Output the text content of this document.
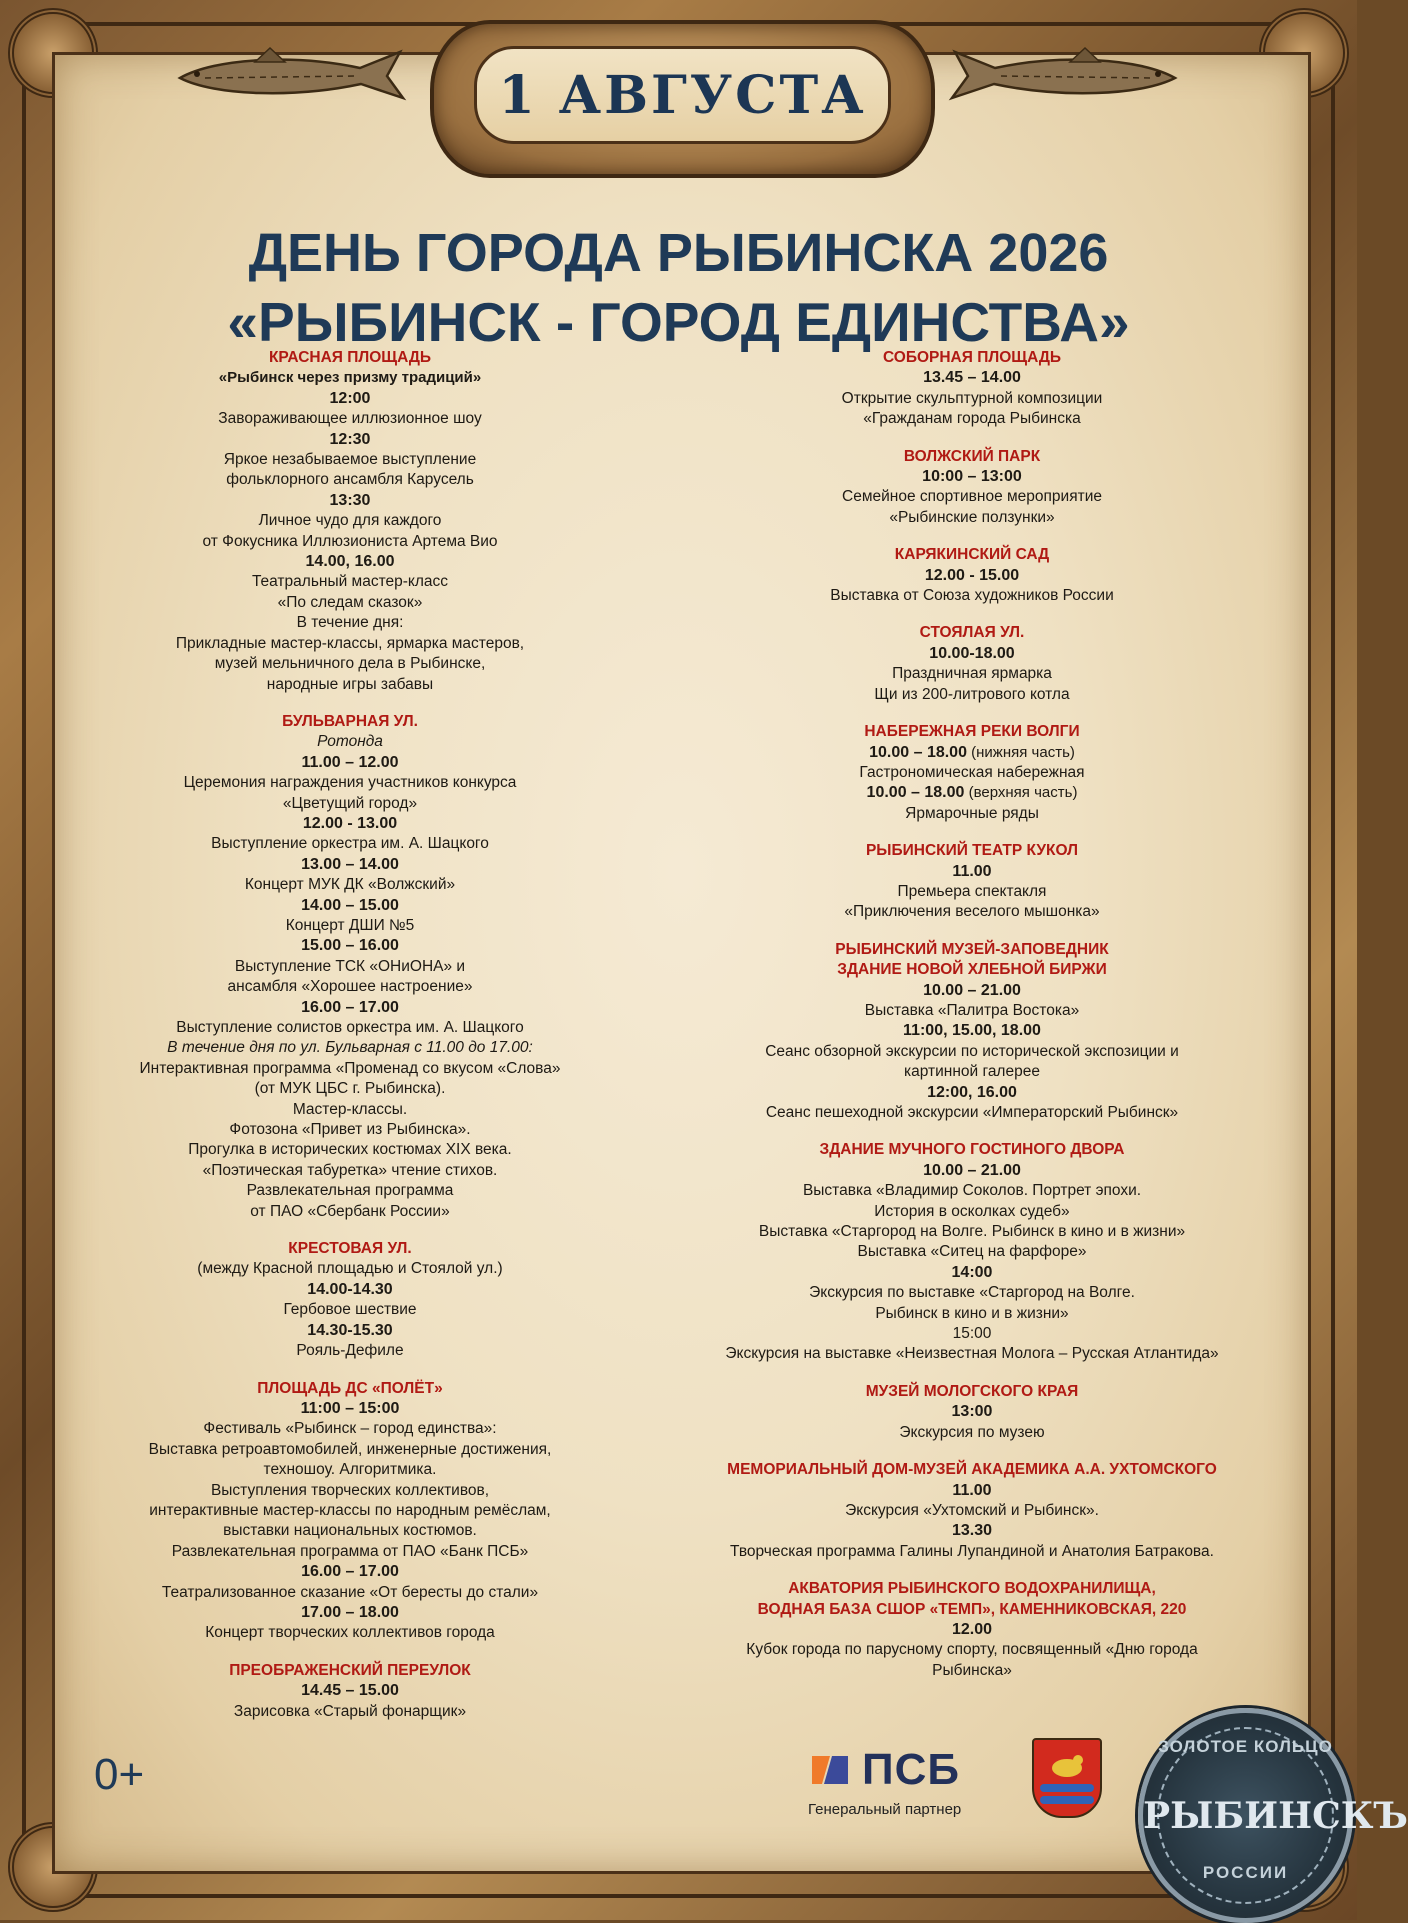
1 АВГУСТА
ДЕНЬ ГОРОДА РЫБИНСКА 2026
«РЫБИНСК - ГОРОД ЕДИНСТВА»
КРАСНАЯ ПЛОЩАДЬ
«Рыбинск через призму традиций»
12:00
Завораживающее иллюзионное шоу
12:30
Яркое незабываемое выступление
фольклорного ансамбля Карусель
13:30
Личное чудо для каждого
от Фокусника Иллюзиониста Артема Вио
14.00, 16.00
Театральный мастер-класс
«По следам сказок»
В течение дня:
Прикладные мастер-классы, ярмарка мастеров,
музей мельничного дела в Рыбинске,
народные игры забавы
БУЛЬВАРНАЯ УЛ.
Ротонда
11.00 – 12.00
Церемония награждения участников конкурса
«Цветущий город»
12.00 - 13.00
Выступление оркестра им. А. Шацкого
13.00 – 14.00
Концерт МУК ДК «Волжский»
14.00 – 15.00
Концерт ДШИ №5
15.00 – 16.00
Выступление ТСК «ОНиОНА» и
ансамбля «Хорошее настроение»
16.00 – 17.00
Выступление солистов оркестра им. А. Шацкого
В течение дня по ул. Бульварная с 11.00 до 17.00:
Интерактивная программа «Променад со вкусом «Слова»
(от МУК ЦБС г. Рыбинска).
Мастер-классы.
Фотозона «Привет из Рыбинска».
Прогулка в исторических костюмах XIX века.
«Поэтическая табуретка» чтение стихов.
Развлекательная программа
от ПАО «Сбербанк России»
КРЕСТОВАЯ УЛ.
(между Красной площадью и Стоялой ул.)
14.00-14.30
Гербовое шествие
14.30-15.30
Рояль-Дефиле
ПЛОЩАДЬ ДС «ПОЛЁТ»
11:00 – 15:00
Фестиваль «Рыбинск – город единства»:
Выставка ретроавтомобилей, инженерные достижения,
техношоу. Алгоритмика.
Выступления творческих коллективов,
интерактивные мастер-классы по народным ремёслам,
выставки национальных костюмов.
Развлекательная программа от ПАО «Банк ПСБ»
16.00 – 17.00
Театрализованное сказание «От бересты до стали»
17.00 – 18.00
Концерт творческих коллективов города
ПРЕОБРАЖЕНСКИЙ ПЕРЕУЛОК
14.45 – 15.00
Зарисовка «Старый фонарщик»
СОБОРНАЯ ПЛОЩАДЬ
13.45 – 14.00
Открытие скульптурной композиции
«Гражданам города Рыбинска
ВОЛЖСКИЙ ПАРК
10:00 – 13:00
Семейное спортивное мероприятие
«Рыбинские ползунки»
КАРЯКИНСКИЙ САД
12.00 - 15.00
Выставка от Союза художников России
СТОЯЛАЯ УЛ.
10.00-18.00
Праздничная ярмарка
Щи из 200-литрового котла
НАБЕРЕЖНАЯ РЕКИ ВОЛГИ
10.00 – 18.00 (нижняя часть)
Гастрономическая набережная
10.00 – 18.00 (верхняя часть)
Ярмарочные ряды
РЫБИНСКИЙ ТЕАТР КУКОЛ
11.00
Премьера спектакля
«Приключения веселого мышонка»
РЫБИНСКИЙ МУЗЕЙ-ЗАПОВЕДНИК
ЗДАНИЕ НОВОЙ ХЛЕБНОЙ БИРЖИ
10.00 – 21.00
Выставка «Палитра Востока»
11:00, 15.00, 18.00
Сеанс обзорной экскурсии по исторической экспозиции и
картинной галерее
12:00, 16.00
Сеанс пешеходной экскурсии «Императорский Рыбинск»
ЗДАНИЕ МУЧНОГО ГОСТИНОГО ДВОРА
10.00 – 21.00
Выставка «Владимир Соколов. Портрет эпохи.
История в осколках судеб»
Выставка «Старгород на Волге. Рыбинск в кино и в жизни»
Выставка «Ситец на фарфоре»
14:00
Экскурсия по выставке «Старгород на Волге.
Рыбинск в кино и в жизни»
15:00
Экскурсия на выставке «Неизвестная Молога – Русская Атлантида»
МУЗЕЙ МОЛОГСКОГО КРАЯ
13:00
Экскурсия по музею
МЕМОРИАЛЬНЫЙ ДОМ-МУЗЕЙ АКАДЕМИКА А.А. УХТОМСКОГО
11.00
Экскурсия «Ухтомский и Рыбинск».
13.30
Творческая программа Галины Лупандиной и Анатолия Батракова.
АКВАТОРИЯ РЫБИНСКОГО ВОДОХРАНИЛИЩА,
ВОДНАЯ БАЗА СШОР «ТЕМП», КАМЕННИКОВСКАЯ, 220
12.00
Кубок города по парусному спорту, посвященный «Дню города
Рыбинска»
0+	ПСБ
Генеральный партнер
ЗОЛОТОЕ КОЛЬЦО
РЫБИНСКЪ
РОССИИ
